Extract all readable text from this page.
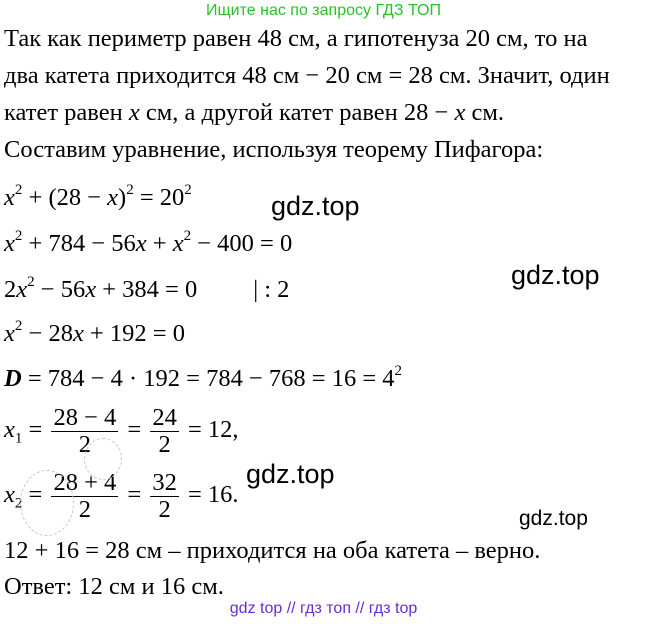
Ищите нас по запросу ГДЗ ТОП
Так как периметр равен 48 см, а гипотенуза 20 см, то на
два катета приходится 48 см − 20 см = 28 см. Значит, один
катет равен x см, а другой катет равен 28 − x см.
Составим уравнение, используя теорему Пифагора:
$x^2 + (28 - x)^2 = 20^2$
$x^2 + 784 - 56x + x^2 - 400 = 0$
$2x^2 - 56x + 384 = 0$ | : 2
$x^2 - 28x + 192 = 0$
$D = 784 - 4 \cdot 192 = 784 - 768 = 16 = 4^2$
$x_1 = \frac{28 - 4}{2} = \frac{24}{2} = 12$,
$x_2 = \frac{28 + 4}{2} = \frac{32}{2} = 16$.
12 + 16 = 28 см – приходится на оба катета – верно.
Ответ: 12 см и 16 см.
gdz.top
gdz.top
gdz.top
gdz.top
gdz top // гдз топ // гдз top
